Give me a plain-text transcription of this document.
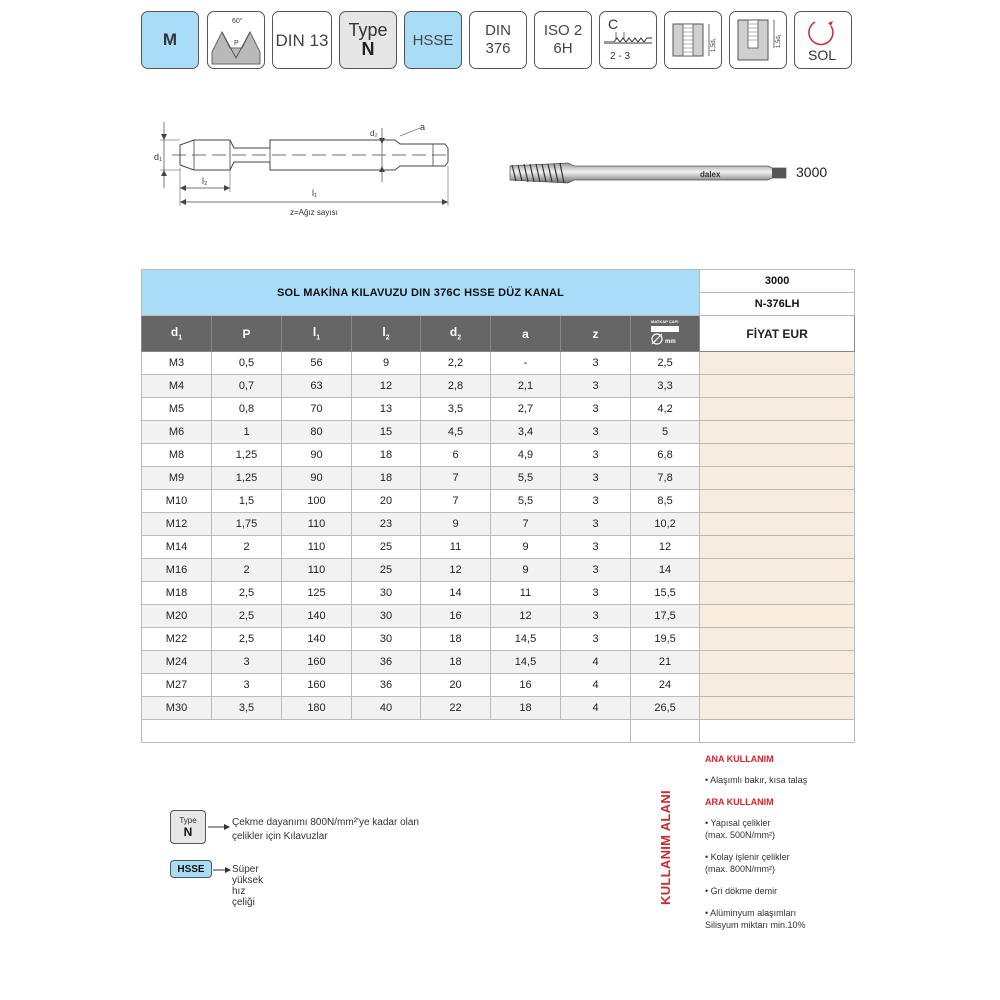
M
60°
P DIN 13 Type
N	HSSE
DIN
376
ISO 2
6H
C
2 - 3
1,5d₁	1,5d₁
SOL
d₁
d₂
a
l₂
l₁
z=Ağız sayısı
dalex	3000
SOL MAKİNA KILAVUZU DIN 376C HSSE DÜZ KANAL								3000
								N-376LH
$d_1$	P	$l_1$	$l_2$	$d_2$	a	z	MATKAP ÇAPI
mm	FİYAT EUR
M3	0,5	56	9	2,2	-	3	2,5	
M4	0,7	63	12	2,8	2,1	3	3,3	
M5	0,8	70	13	3,5	2,7	3	4,2	
M6	1	80	15	4,5	3,4	3	5	
M8	1,25	90	18	6	4,9	3	6,8	
M9	1,25	90	18	7	5,5	3	7,8	
M10	1,5	100	20	7	5,5	3	8,5	
M12	1,75	110	23	9	7	3	10,2	
M14	2	110	25	11	9	3	12	
M16	2	110	25	12	9	3	14	
M18	2,5	125	30	14	11	3	15,5	
M20	2,5	140	30	16	12	3	17,5	
M22	2,5	140	30	18	14,5	3	19,5	
M24	3	160	36	18	14,5	4	21	
M27	3	160	36	20	16	4	24	
M30	3,5	180	40	22	18	4	26,5	

Type
N
Çekme dayanımı 800N/mm²'ye kadar olan çelikler için Kılavuzlar
HSSE	Süper yüksek hız çeliği	KULLANIM ALANI
ANA KULLANIM
• Alaşımlı bakır, kısa talaş
ARA KULLANIM
• Yapısal çelikler
(max. 500N/mm²)
• Kolay işlenir çelikler
(max. 800N/mm²)
• Gri dökme demir
• Alüminyum alaşımları
Silisyum miktarı min.10%
